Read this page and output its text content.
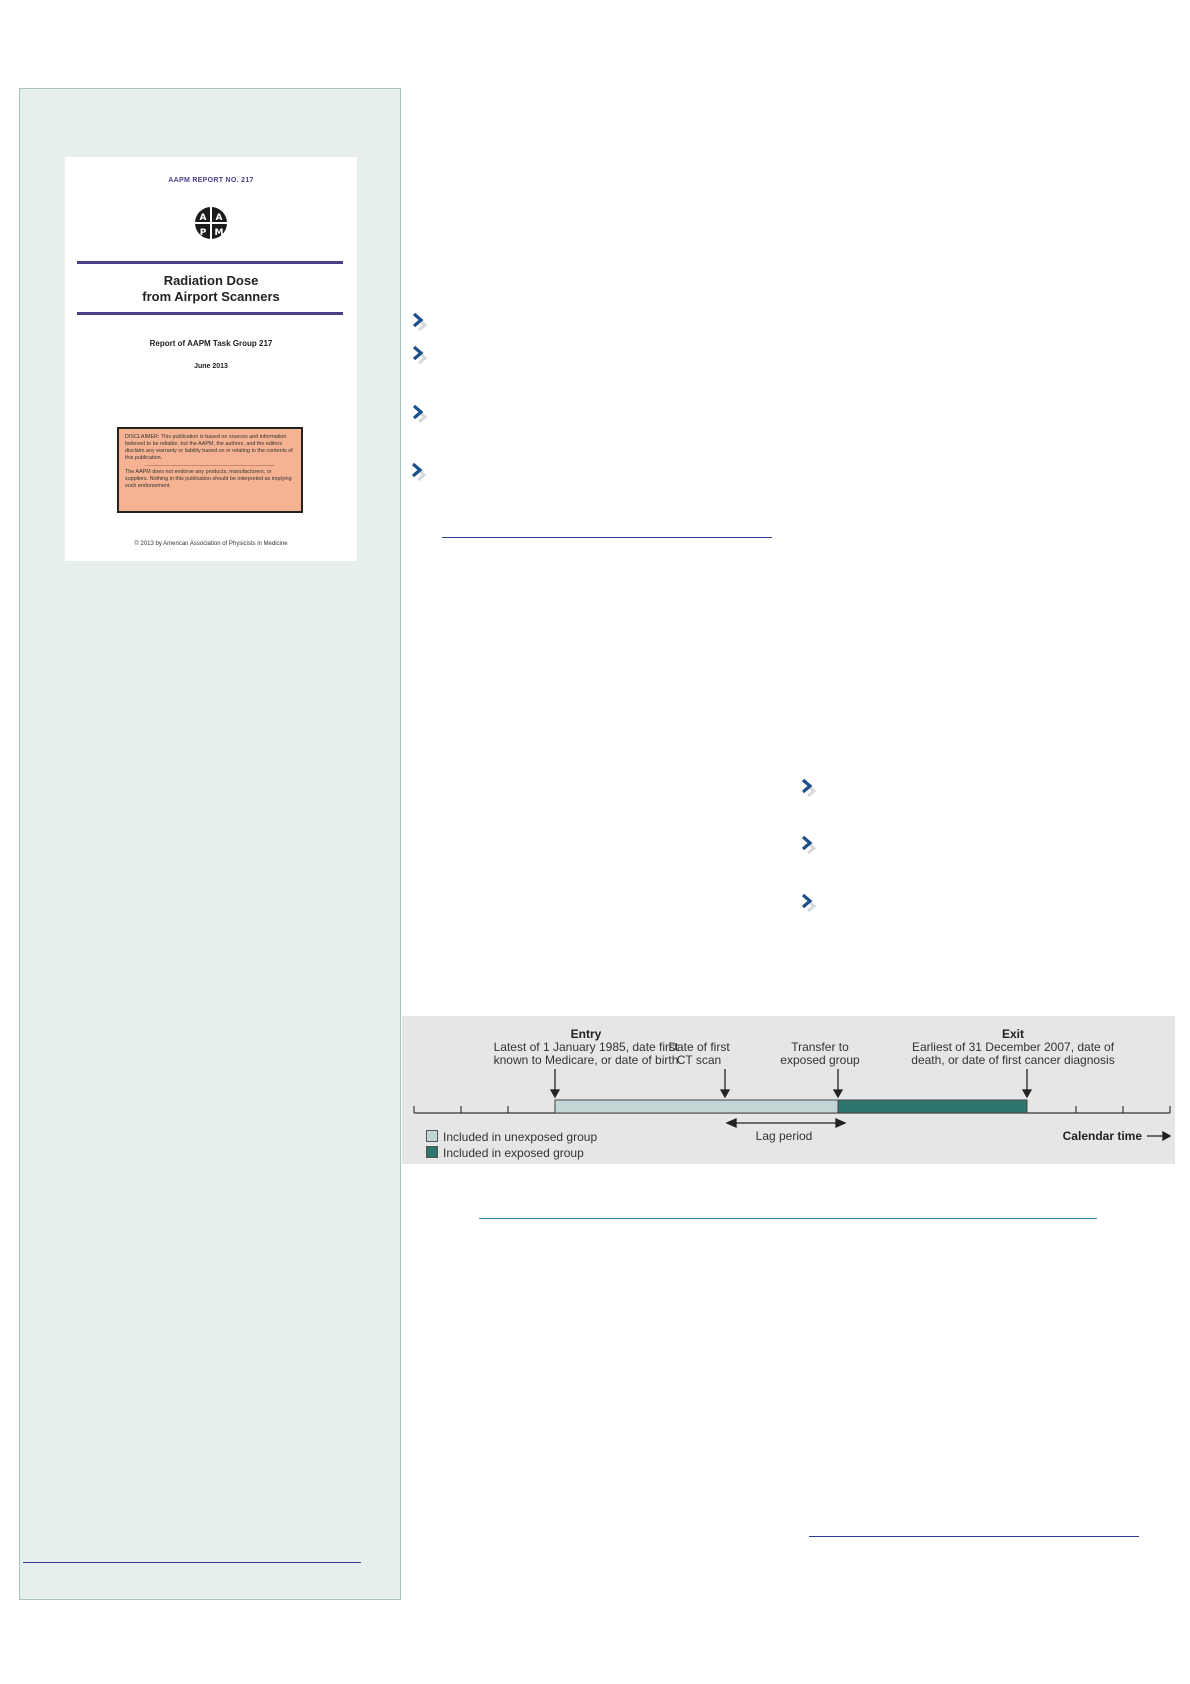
AAPM REPORT NO. 217
A A
P M
Radiation Dose
from Airport Scanners
Report of AAPM Task Group 217
June 2013
DISCLAIMER: This publication is based on sources and information believed to be reliable, but the AAPM, the authors, and the editors disclaim any warranty or liability based on or relating to the contents of this publication.
The AAPM does not endorse any products, manufacturers, or suppliers. Nothing in this publication should be interpreted as implying such endorsement.
© 2013 by American Association of Physicists in Medicine
Entry
Latest of 1 January 1985, date first
known to Medicare, or date of birth
Date of first
CT scan
Transfer to
exposed group
Exit
Earliest of 31 December 2007, date of
death, or date of first cancer diagnosis
Lag period	Calendar time
Included in unexposed group
Included in exposed group
